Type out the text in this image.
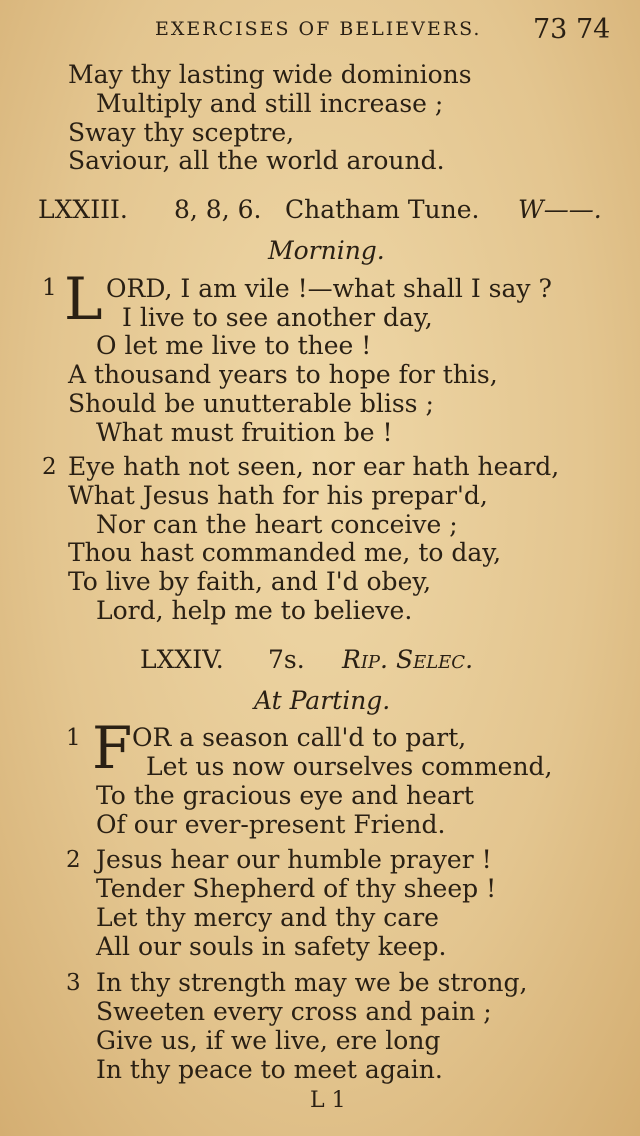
EXERCISES OF BELIEVERS. 73 74
May thy lasting wide dominions
Multiply and still increase ;
Sway thy sceptre,
Saviour, all the world around.
LXXIII. 8, 8, 6. Chatham Tune. W——.
Morning.
1 L ORD, I am vile !—what shall I say ?
I live to see another day,
O let me live to thee !
A thousand years to hope for this,
Should be unutterable bliss ;
What must fruition be !
2 Eye hath not seen, nor ear hath heard,
What Jesus hath for his prepar'd,
Nor can the heart conceive ;
Thou hast commanded me, to day,
To live by faith, and I'd obey,
Lord, help me to believe.
LXXIV. 7s. Rip. Selec.
At Parting.
1 F OR a season call'd to part,
Let us now ourselves commend,
To the gracious eye and heart
Of our ever-present Friend.
2 Jesus hear our humble prayer !
Tender Shepherd of thy sheep !
Let thy mercy and thy care
All our souls in safety keep.
3 In thy strength may we be strong,
Sweeten every cross and pain ;
Give us, if we live, ere long
In thy peace to meet again.
L 1
